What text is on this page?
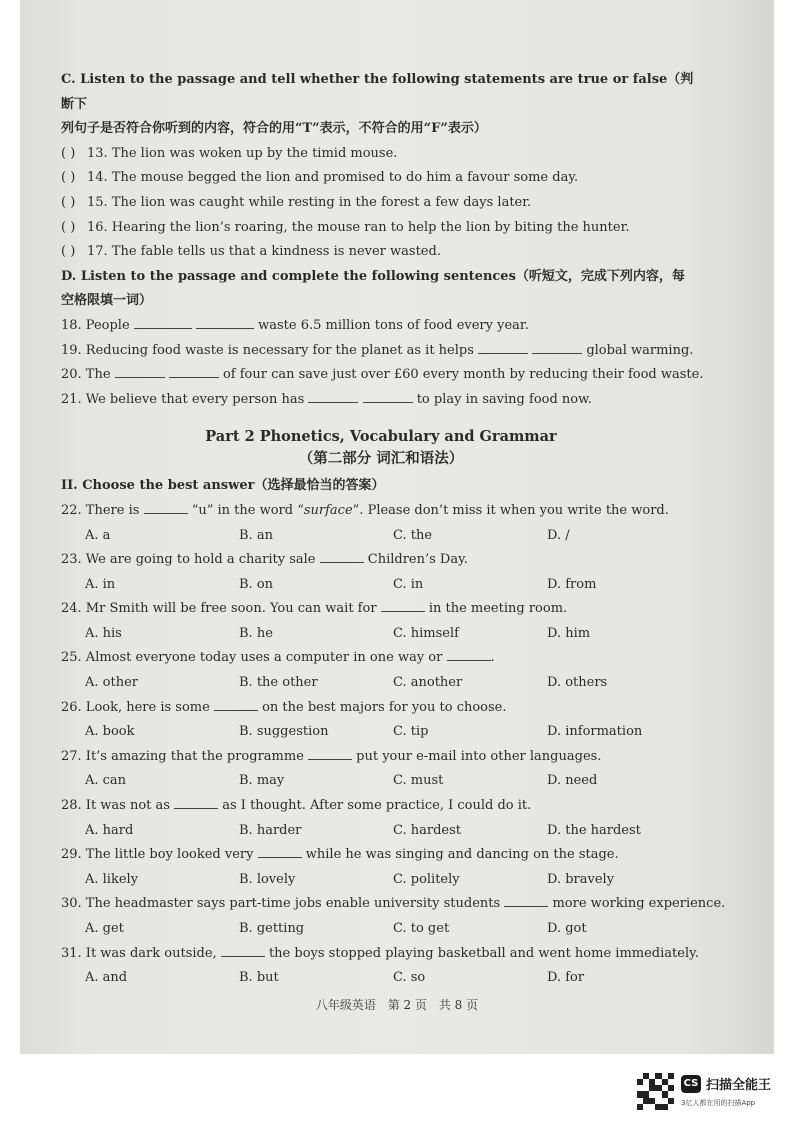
C. Listen to the passage and tell whether the following statements are true or false（判断下
列句子是否符合你听到的内容，符合的用“T”表示，不符合的用“F”表示）
( ) 13. The lion was woken up by the timid mouse.
( ) 14. The mouse begged the lion and promised to do him a favour some day.
( ) 15. The lion was caught while resting in the forest a few days later.
( ) 16. Hearing the lion’s roaring, the mouse ran to help the lion by biting the hunter.
( ) 17. The fable tells us that a kindness is never wasted.
D. Listen to the passage and complete the following sentences（听短文，完成下列内容，每
空格限填一词）
18. People	waste 6.5 million tons of food every year.
19. Reducing food waste is necessary for the planet as it helps	global warming.
20. The	of four can save just over £60 every month by reducing their food waste.
21. We believe that every person has	to play in saving food now.
Part 2 Phonetics, Vocabulary and Grammar
（第二部分 词汇和语法）
II. Choose the best answer（选择最恰当的答案）
22. There is	“u” in the word “surface”. Please don’t miss it when you write the word.
A. a	B. an	C. the	D. /
23. We are going to hold a charity sale	Children’s Day.
A. in	B. on	C. in	D. from
24. Mr Smith will be free soon. You can wait for	in the meeting room.
A. his	B. he	C. himself	D. him
25. Almost everyone today uses a computer in one way or	.
A. other	B. the other	C. another	D. others
26. Look, here is some	on the best majors for you to choose.
A. book	B. suggestion	C. tip	D. information
27. It’s amazing that the programme	put your e-mail into other languages.
A. can	B. may	C. must	D. need
28. It was not as	as I thought. After some practice, I could do it.
A. hard	B. harder	C. hardest	D. the hardest
29. The little boy looked very	while he was singing and dancing on the stage.
A. likely	B. lovely	C. politely	D. bravely
30. The headmaster says part-time jobs enable university students	more working experience.
A. get	B. getting	C. to get	D. got
31. It was dark outside,	the boys stopped playing basketball and went home immediately.
A. and	B. but	C. so	D. for
八年级英语 第 2 页 共 8 页
CS 扫描全能王
3亿人都在用的扫描App
